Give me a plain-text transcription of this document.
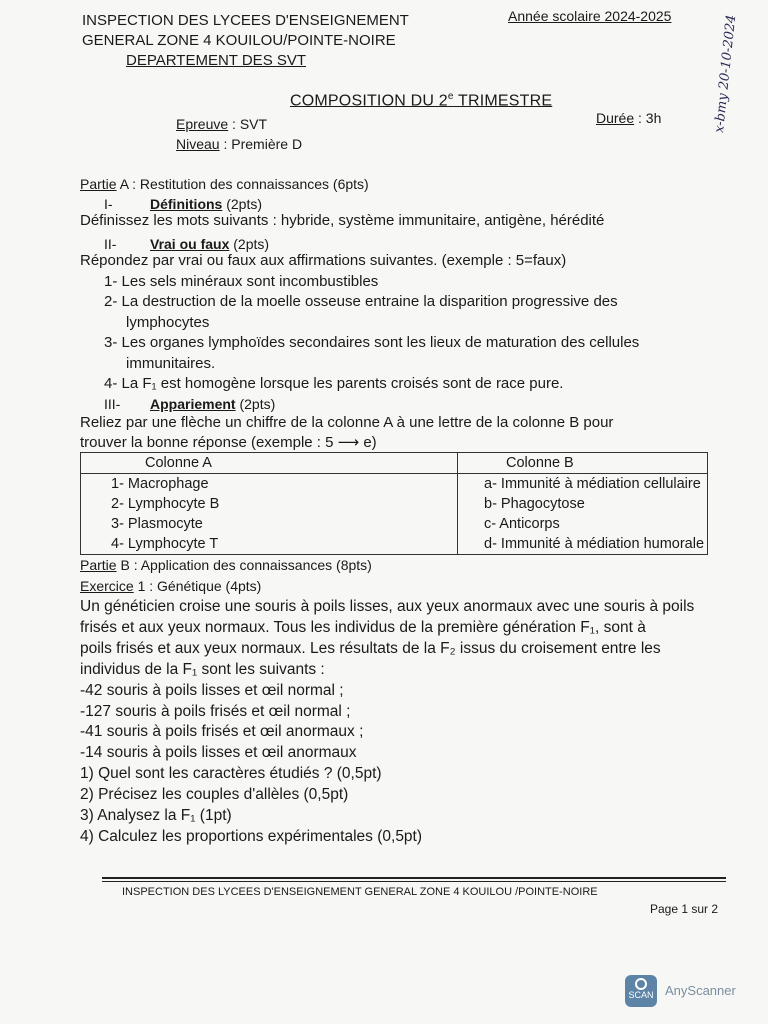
INSPECTION DES LYCEES D'ENSEIGNEMENT
GENERAL ZONE 4 KOUILOU/POINTE-NOIRE
DEPARTEMENT DES SVT
Année scolaire 2024-2025	x-bmy 20-10-2024
COMPOSITION DU 2e TRIMESTRE
Epreuve : SVT	Durée : 3h
Niveau : Première D
Partie A : Restitution des connaissances (6pts)
I-	Définitions (2pts)
Définissez les mots suivants : hybride, système immunitaire, antigène, hérédité
II- Vrai ou faux (2pts)
Répondez par vrai ou faux aux affirmations suivantes. (exemple : 5=faux)
1- Les sels minéraux sont incombustibles
2- La destruction de la moelle osseuse entraine la disparition progressive des
lymphocytes
3- Les organes lymphoïdes secondaires sont les lieux de maturation des cellules
immunitaires.
4- La F₁ est homogène lorsque les parents croisés sont de race pure.
III- Appariement (2pts)
Reliez par une flèche un chiffre de la colonne A à une lettre de la colonne B pour
trouver la bonne réponse (exemple : 5 ⟶ e)
Colonne A	Colonne B
1- Macrophage	a- Immunité à médiation cellulaire
2- Lymphocyte B	b- Phagocytose
3- Plasmocyte	c- Anticorps
4- Lymphocyte T	d- Immunité à médiation humorale
Partie B : Application des connaissances (8pts)
Exercice 1 : Génétique (4pts)
Un généticien croise une souris à poils lisses, aux yeux anormaux avec une souris à poils
frisés et aux yeux normaux. Tous les individus de la première génération F₁, sont à
poils frisés et aux yeux normaux. Les résultats de la F₂ issus du croisement entre les
individus de la F₁ sont les suivants :
-42 souris à poils lisses et œil normal ;
-127 souris à poils frisés et œil normal ;
-41 souris à poils frisés et œil anormaux ;
-14 souris à poils lisses et œil anormaux
1) Quel sont les caractères étudiés ? (0,5pt)
2) Précisez les couples d'allèles (0,5pt)
3) Analysez la F₁ (1pt)
4) Calculez les proportions expérimentales (0,5pt)
INSPECTION DES LYCEES D'ENSEIGNEMENT GENERAL ZONE 4 KOUILOU /POINTE-NOIRE
Page 1 sur 2
SCAN AnyScanner
